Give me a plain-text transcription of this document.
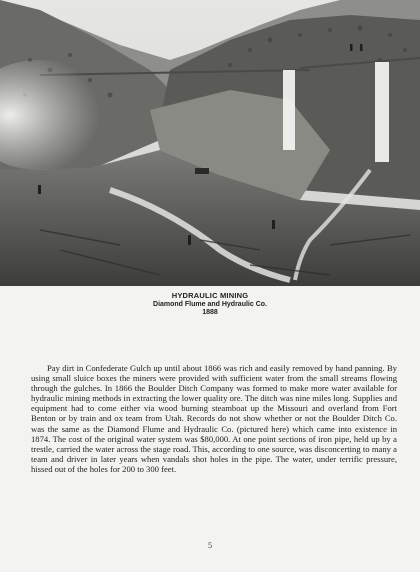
HYDRAULIC MINING
Diamond Flume and Hydraulic Co.
1888

Pay dirt in Confederate Gulch up until about 1866 was rich and easily removed by hand panning. By using small sluice boxes the miners were provided with sufficient water from the small streams flowing through the gulches. In 1866 the Boulder Ditch Company was formed to make more water available for hydraulic mining methods in extracting the lower quality ore. The ditch was nine miles long. Supplies and equipment had to come either via wood burning steamboat up the Missouri and overland from Fort Benton or by train and ox team from Utah. Records do not show whether or not the Boulder Ditch Co. was the same as the Diamond Flume and Hydraulic Co. (pictured here) which came into existence in 1874. The cost of the original water system was $80,000. At one point sections of iron pipe, held up by a trestle, carried the water across the stage road. This, according to one source, was disconcerting to many a team and driver in later years when vandals shot holes in the pipe. The water, under terrific pressure, hissed out of the holes for 200 to 300 feet.

5
